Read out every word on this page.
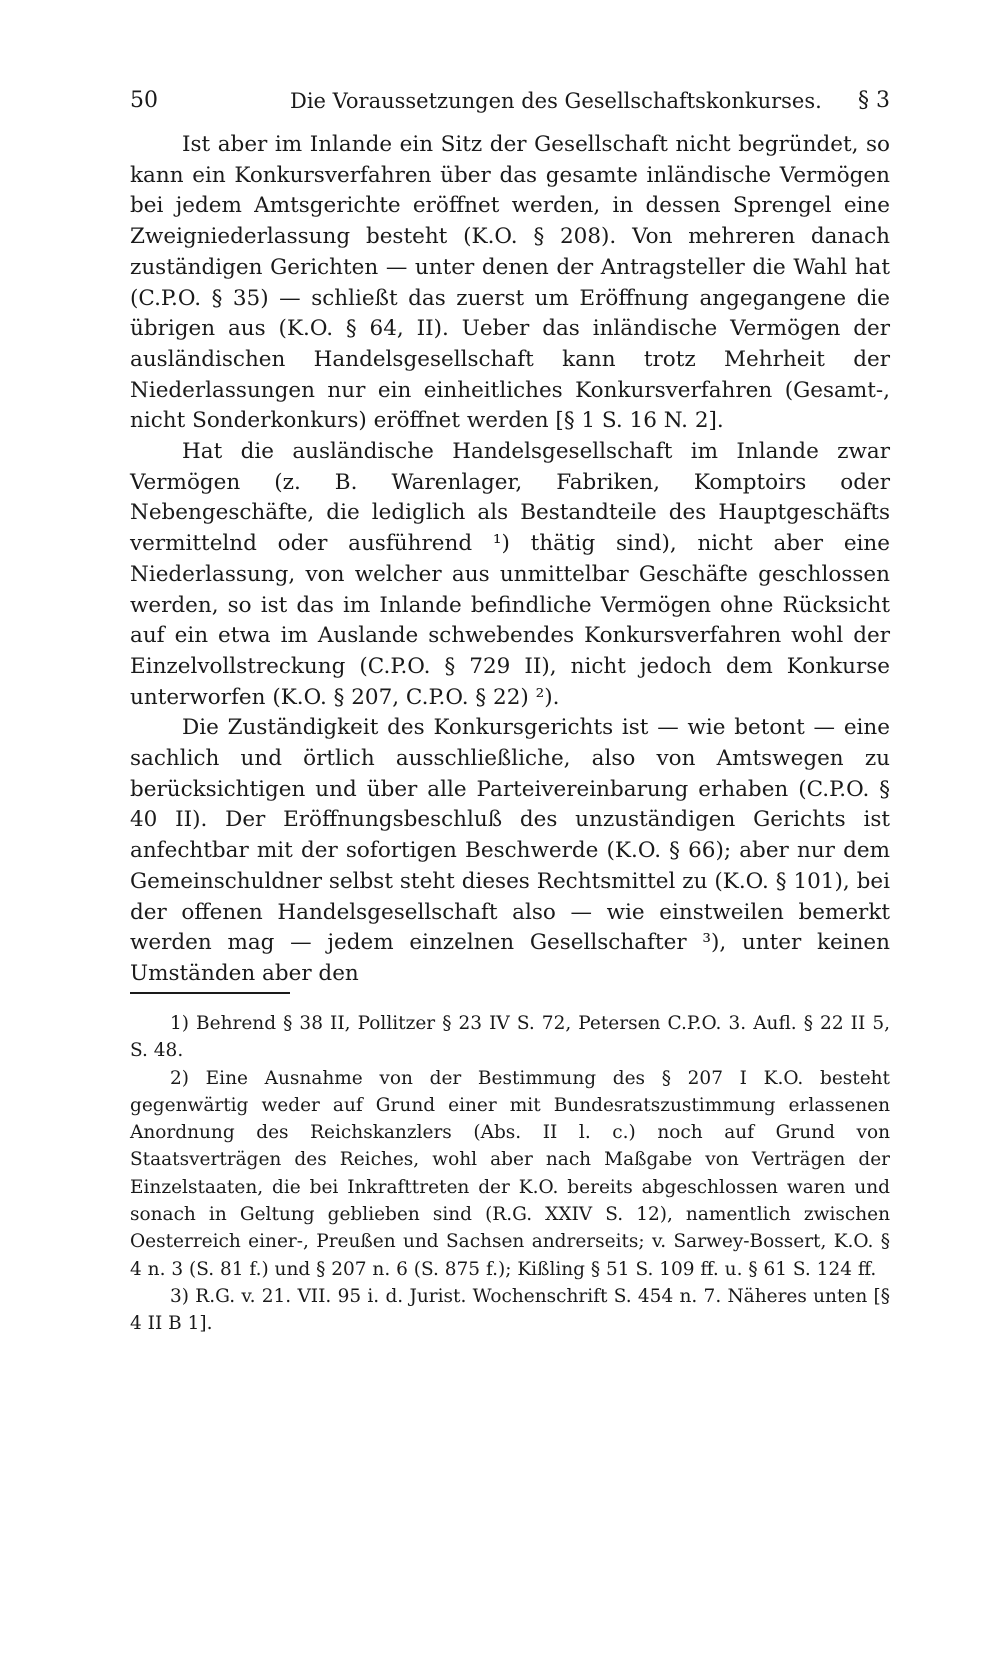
50	Die Voraussetzungen des Gesellschaftskonkurses. § 3

Ist aber im Inlande ein Sitz der Gesellschaft nicht begründet, so kann ein Konkursverfahren über das gesamte inländische Vermögen bei jedem Amtsgerichte eröffnet werden, in dessen Sprengel eine Zweigniederlassung besteht (K.O. § 208). Von mehreren danach zuständigen Gerichten — unter denen der Antragsteller die Wahl hat (C.P.O. § 35) — schließt das zuerst um Eröffnung angegangene die übrigen aus (K.O. § 64, II). Ueber das inländische Vermögen der ausländischen Handelsgesellschaft kann trotz Mehrheit der Niederlassungen nur ein einheitliches Konkursverfahren (Gesamt-, nicht Sonderkonkurs) eröffnet werden [§ 1 S. 16 N. 2].

Hat die ausländische Handelsgesellschaft im Inlande zwar Vermögen (z. B. Warenlager, Fabriken, Komptoirs oder Nebengeschäfte, die lediglich als Bestandteile des Hauptgeschäfts vermittelnd oder ausführend ¹) thätig sind), nicht aber eine Niederlassung, von welcher aus unmittelbar Geschäfte geschlossen werden, so ist das im Inlande befindliche Vermögen ohne Rücksicht auf ein etwa im Auslande schwebendes Konkursverfahren wohl der Einzelvollstreckung (C.P.O. § 729 II), nicht jedoch dem Konkurse unterworfen (K.O. § 207, C.P.O. § 22) ²).

Die Zuständigkeit des Konkursgerichts ist — wie betont — eine sachlich und örtlich ausschließliche, also von Amtswegen zu berücksichtigen und über alle Parteivereinbarung erhaben (C.P.O. § 40 II). Der Eröffnungsbeschluß des unzuständigen Gerichts ist anfechtbar mit der sofortigen Beschwerde (K.O. § 66); aber nur dem Gemeinschuldner selbst steht dieses Rechtsmittel zu (K.O. § 101), bei der offenen Handelsgesellschaft also — wie einstweilen bemerkt werden mag — jedem einzelnen Gesellschafter ³), unter keinen Umständen aber den

1) Behrend § 38 II, Pollitzer § 23 IV S. 72, Petersen C.P.O. 3. Aufl. § 22 II 5, S. 48.

2) Eine Ausnahme von der Bestimmung des § 207 I K.O. besteht gegenwärtig weder auf Grund einer mit Bundesratszustimmung erlassenen Anordnung des Reichskanzlers (Abs. II l. c.) noch auf Grund von Staatsverträgen des Reiches, wohl aber nach Maßgabe von Verträgen der Einzelstaaten, die bei Inkrafttreten der K.O. bereits abgeschlossen waren und sonach in Geltung geblieben sind (R.G. XXIV S. 12), namentlich zwischen Oesterreich einer-, Preußen und Sachsen andrerseits; v. Sarwey-Bossert, K.O. § 4 n. 3 (S. 81 f.) und § 207 n. 6 (S. 875 f.); Kißling § 51 S. 109 ff. u. § 61 S. 124 ff.

3) R.G. v. 21. VII. 95 i. d. Jurist. Wochenschrift S. 454 n. 7. Näheres unten [§ 4 II B 1].
